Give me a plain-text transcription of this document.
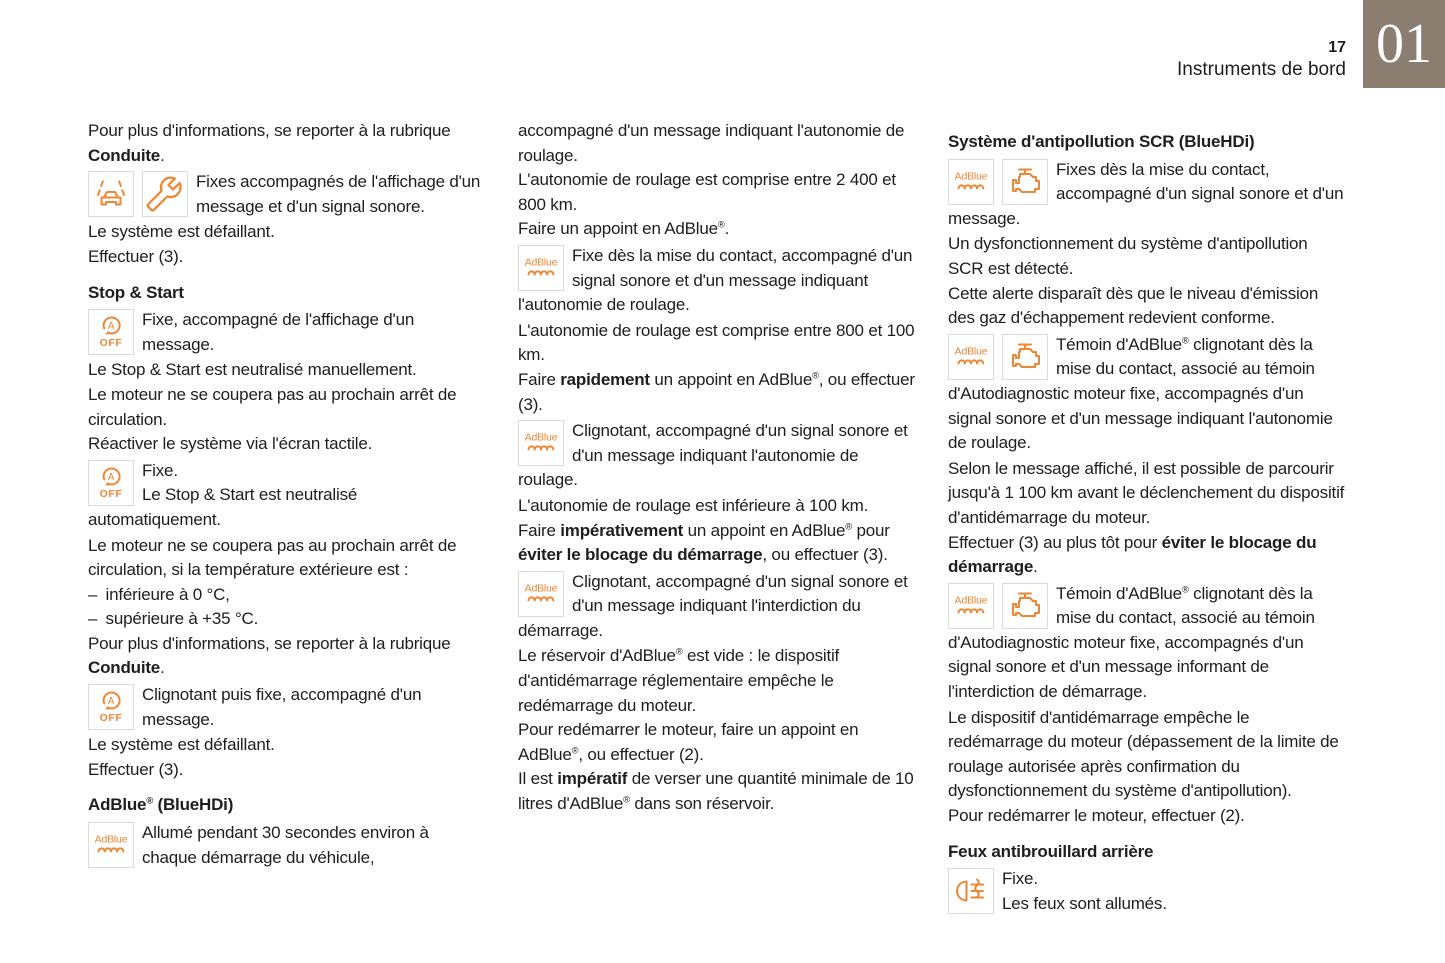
01
17
Instruments de bord
Pour plus d'informations, se reporter à la rubrique Conduite.
Fixes accompagnés de l'affichage d'un message et d'un signal sonore.
Le système est défaillant.
Effectuer (3).
Stop & Start
A
OFF
Fixe, accompagné de l'affichage d'un message.
Le Stop & Start est neutralisé manuellement.
Le moteur ne se coupera pas au prochain arrêt de circulation.
Réactiver le système via l'écran tactile.
A
OFF
Fixe.
Le Stop & Start est neutralisé automatiquement.
Le moteur ne se coupera pas au prochain arrêt de circulation, si la température extérieure est :
– inférieure à 0 °C,
– supérieure à +35 °C.
Pour plus d'informations, se reporter à la rubrique Conduite.
A
OFF
Clignotant puis fixe, accompagné d'un message.
Le système est défaillant.
Effectuer (3).
AdBlue® (BlueHDi)
AdBlue Allumé pendant 30 secondes environ à chaque démarrage du véhicule,
accompagné d'un message indiquant l'autonomie de roulage.
L'autonomie de roulage est comprise entre 2 400 et 800 km.
Faire un appoint en AdBlue®.
AdBlue Fixe dès la mise du contact, accompagné d'un signal sonore et d'un message indiquant l'autonomie de roulage.
L'autonomie de roulage est comprise entre 800 et 100 km.
Faire rapidement un appoint en AdBlue®, ou effectuer (3).
AdBlue Clignotant, accompagné d'un signal sonore et d'un message indiquant l'autonomie de roulage.
L'autonomie de roulage est inférieure à 100 km.
Faire impérativement un appoint en AdBlue® pour éviter le blocage du démarrage, ou effectuer (3).
AdBlue Clignotant, accompagné d'un signal sonore et d'un message indiquant l'interdiction du démarrage.
Le réservoir d'AdBlue® est vide : le dispositif d'antidémarrage réglementaire empêche le redémarrage du moteur.
Pour redémarrer le moteur, faire un appoint en AdBlue®, ou effectuer (2).
Il est impératif de verser une quantité minimale de 10 litres d'AdBlue® dans son réservoir.
Système d'antipollution SCR (BlueHDi)
AdBlue	Fixes dès la mise du contact, accompagné d'un signal sonore et d'un message.
Un dysfonctionnement du système d'antipollution SCR est détecté.
Cette alerte disparaît dès que le niveau d'émission des gaz d'échappement redevient conforme.
AdBlue	Témoin d'AdBlue® clignotant dès la mise du contact, associé au témoin d'Autodiagnostic moteur fixe, accompagnés d'un signal sonore et d'un message indiquant l'autonomie de roulage.
Selon le message affiché, il est possible de parcourir jusqu'à 1 100 km avant le déclenchement du dispositif d'antidémarrage du moteur.
Effectuer (3) au plus tôt pour éviter le blocage du démarrage.
AdBlue	Témoin d'AdBlue® clignotant dès la mise du contact, associé au témoin d'Autodiagnostic moteur fixe, accompagnés d'un signal sonore et d'un message informant de l'interdiction de démarrage.
Le dispositif d'antidémarrage empêche le redémarrage du moteur (dépassement de la limite de roulage autorisée après confirmation du dysfonctionnement du système d'antipollution).
Pour redémarrer le moteur, effectuer (2).
Feux antibrouillard arrière
Fixe.
Les feux sont allumés.
